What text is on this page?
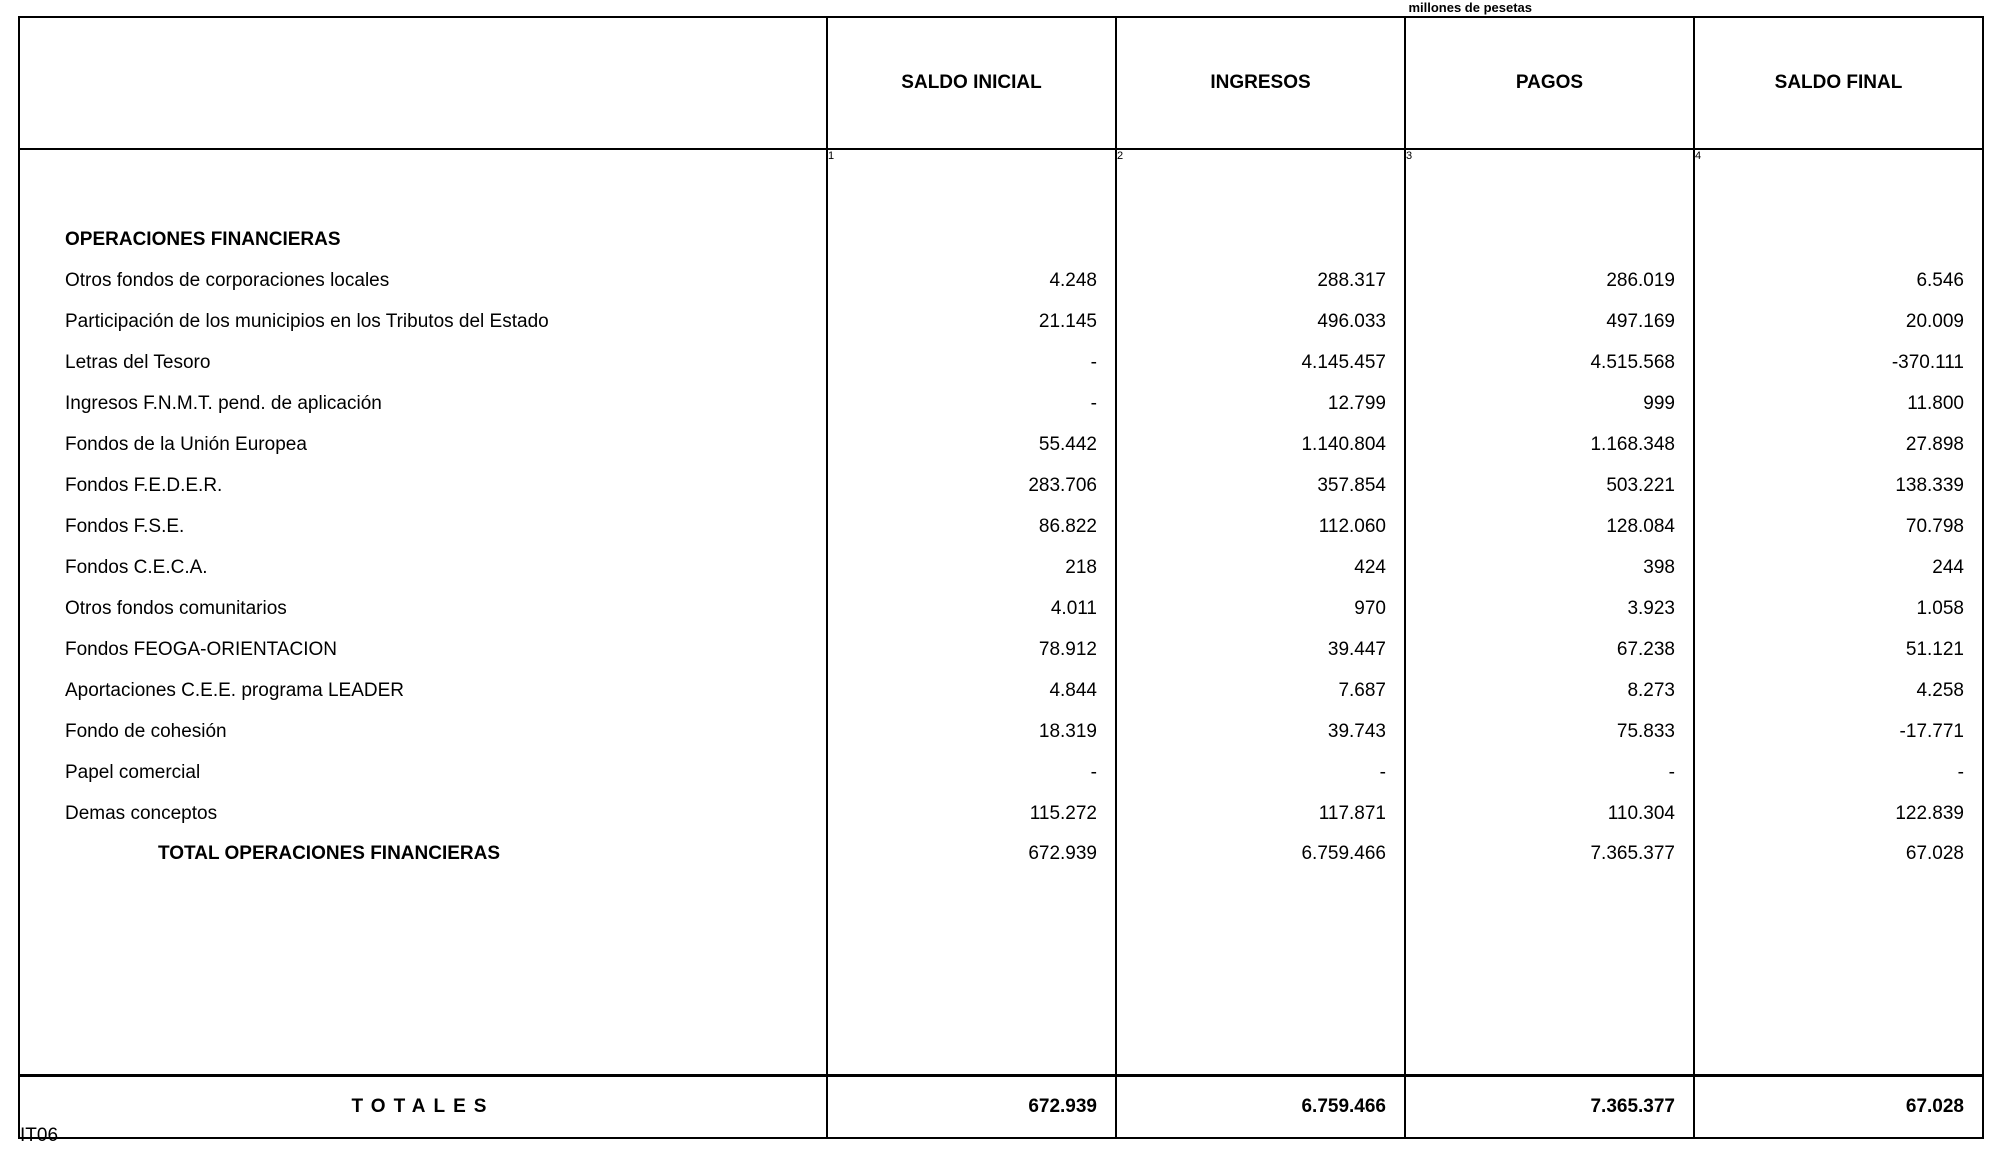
millones de pesetas
	SALDO INICIAL	INGRESOS	PAGOS	SALDO FINAL
	1	2	3	4

OPERACIONES FINANCIERAS				
Otros fondos de corporaciones locales	4.248	288.317	286.019	6.546
Participación de los municipios en los Tributos del Estado	21.145	496.033	497.169	20.009
Letras del Tesoro	-	4.145.457	4.515.568	-370.111
Ingresos F.N.M.T. pend. de aplicación	-	12.799	999	11.800
Fondos de la Unión Europea	55.442	1.140.804	1.168.348	27.898
Fondos F.E.D.E.R.	283.706	357.854	503.221	138.339
Fondos F.S.E.	86.822	112.060	128.084	70.798
Fondos C.E.C.A.	218	424	398	244
Otros fondos comunitarios	4.011	970	3.923	1.058
Fondos FEOGA-ORIENTACION	78.912	39.447	67.238	51.121
Aportaciones C.E.E. programa LEADER	4.844	7.687	8.273	4.258
Fondo de cohesión	18.319	39.743	75.833	-17.771
Papel comercial	-	-	-	-
Demas conceptos	115.272	117.871	110.304	122.839
TOTAL OPERACIONES FINANCIERAS	672.939	6.759.466	7.365.377	67.028

TOTALES	672.939	6.759.466	7.365.377	67.028
IT06
